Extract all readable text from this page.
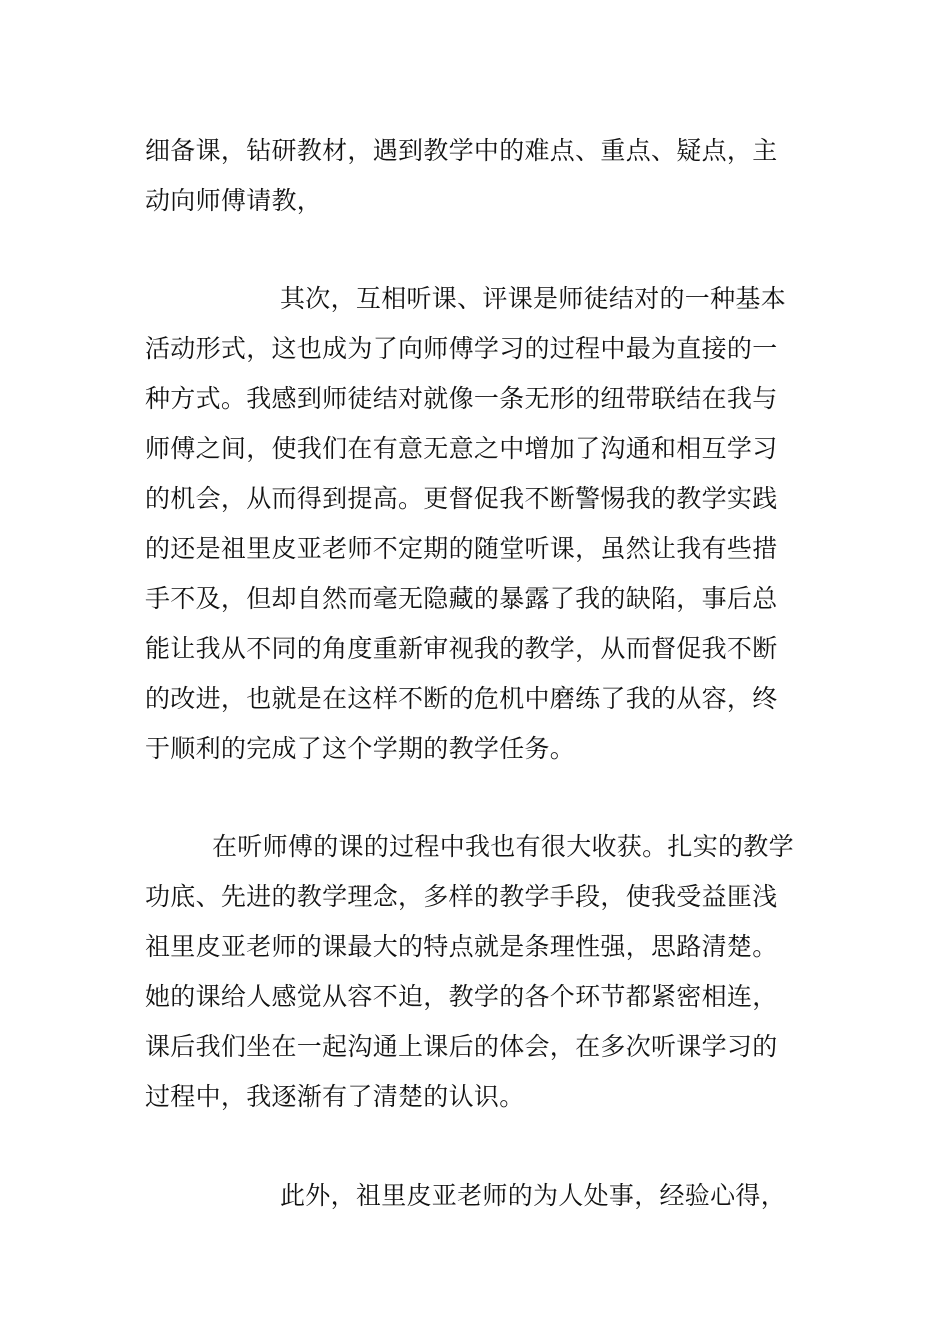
细备课，钻研教材，遇到教学中的难点、重点、疑点，主
动向师傅请教，
其次，互相听课、评课是师徒结对的一种基本
活动形式，这也成为了向师傅学习的过程中最为直接的一
种方式。我感到师徒结对就像一条无形的纽带联结在我与
师傅之间，使我们在有意无意之中增加了沟通和相互学习
的机会，从而得到提高。更督促我不断警惕我的教学实践
的还是祖里皮亚老师不定期的随堂听课，虽然让我有些措
手不及，但却自然而毫无隐藏的暴露了我的缺陷，事后总
能让我从不同的角度重新审视我的教学，从而督促我不断
的改进，也就是在这样不断的危机中磨练了我的从容，终
于顺利的完成了这个学期的教学任务。
在听师傅的课的过程中我也有很大收获。扎实的教学
功底、先进的教学理念，多样的教学手段，使我受益匪浅
祖里皮亚老师的课最大的特点就是条理性强，思路清楚。
她的课给人感觉从容不迫，教学的各个环节都紧密相连，
课后我们坐在一起沟通上课后的体会，在多次听课学习的
过程中，我逐渐有了清楚的认识。
此外，祖里皮亚老师的为人处事，经验心得，
